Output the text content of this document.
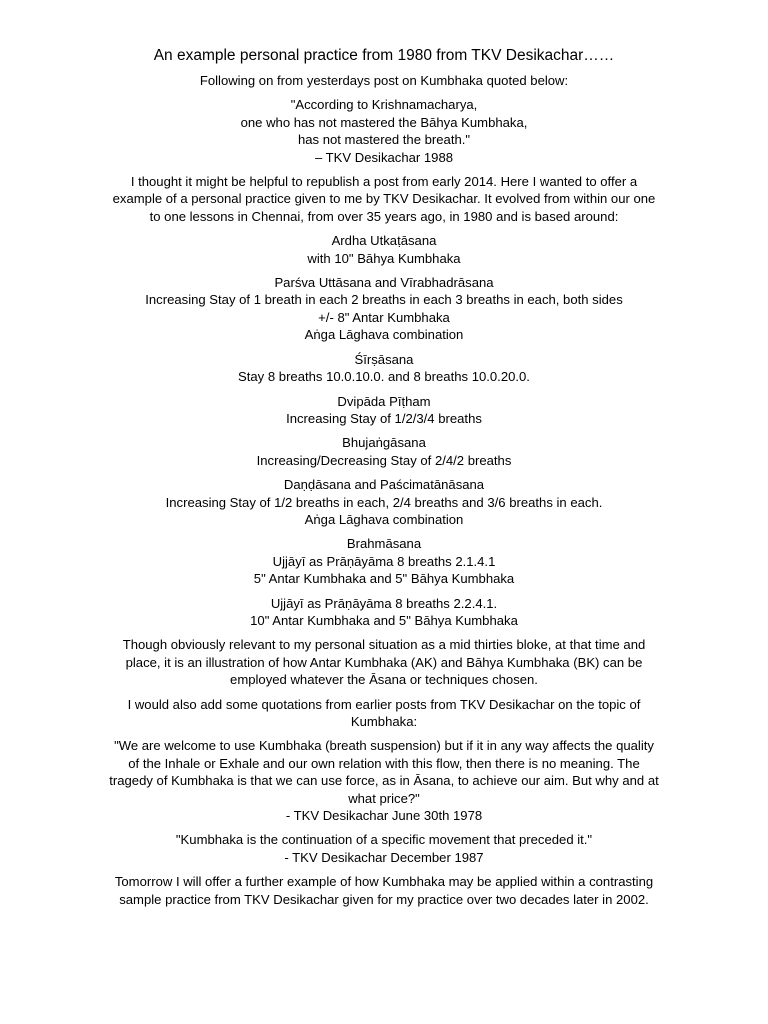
An example personal practice from 1980 from TKV Desikachar……
Following on from yesterdays post on Kumbhaka quoted below:
"According to Krishnamacharya,
one who has not mastered the Bāhya Kumbhaka,
has not mastered the breath."
– TKV Desikachar 1988
I thought it might be helpful to republish a post from early 2014. Here I wanted to offer a
example of a personal practice given to me by TKV Desikachar. It evolved from within our one
to one lessons in Chennai, from over 35 years ago, in 1980 and is based around:
Ardha Utkaṭāsana
with 10" Bāhya Kumbhaka
Parśva Uttāsana and Vīrabhadrāsana
Increasing Stay of 1 breath in each 2 breaths in each 3 breaths in each, both sides
+/- 8" Antar Kumbhaka
Aṅga Lāghava combination
Śīrṣāsana
Stay 8 breaths 10.0.10.0. and 8 breaths 10.0.20.0.
Dvipāda Pīṭham
Increasing Stay of 1/2/3/4 breaths
Bhujaṅgāsana
Increasing/Decreasing Stay of 2/4/2 breaths
Daṇḍāsana and Paścimatānāsana
Increasing Stay of 1/2 breaths in each, 2/4 breaths and 3/6 breaths in each.
Aṅga Lāghava combination
Brahmāsana
Ujjāyī as Prāṇāyāma 8 breaths 2.1.4.1
5" Antar Kumbhaka and 5" Bāhya Kumbhaka
Ujjāyī as Prāṇāyāma 8 breaths 2.2.4.1.
10" Antar Kumbhaka and 5" Bāhya Kumbhaka
Though obviously relevant to my personal situation as a mid thirties bloke, at that time and
place, it is an illustration of how Antar Kumbhaka (AK) and Bāhya Kumbhaka (BK) can be
employed whatever the Āsana or techniques chosen.
I would also add some quotations from earlier posts from TKV Desikachar on the topic of
Kumbhaka:
"We are welcome to use Kumbhaka (breath suspension) but if it in any way affects the quality
of the Inhale or Exhale and our own relation with this flow, then there is no meaning. The
tragedy of Kumbhaka is that we can use force, as in Āsana, to achieve our aim. But why and at
what price?"
- TKV Desikachar June 30th 1978
"Kumbhaka is the continuation of a specific movement that preceded it."
- TKV Desikachar December 1987
Tomorrow I will offer a further example of how Kumbhaka may be applied within a contrasting
sample practice from TKV Desikachar given for my practice over two decades later in 2002.
